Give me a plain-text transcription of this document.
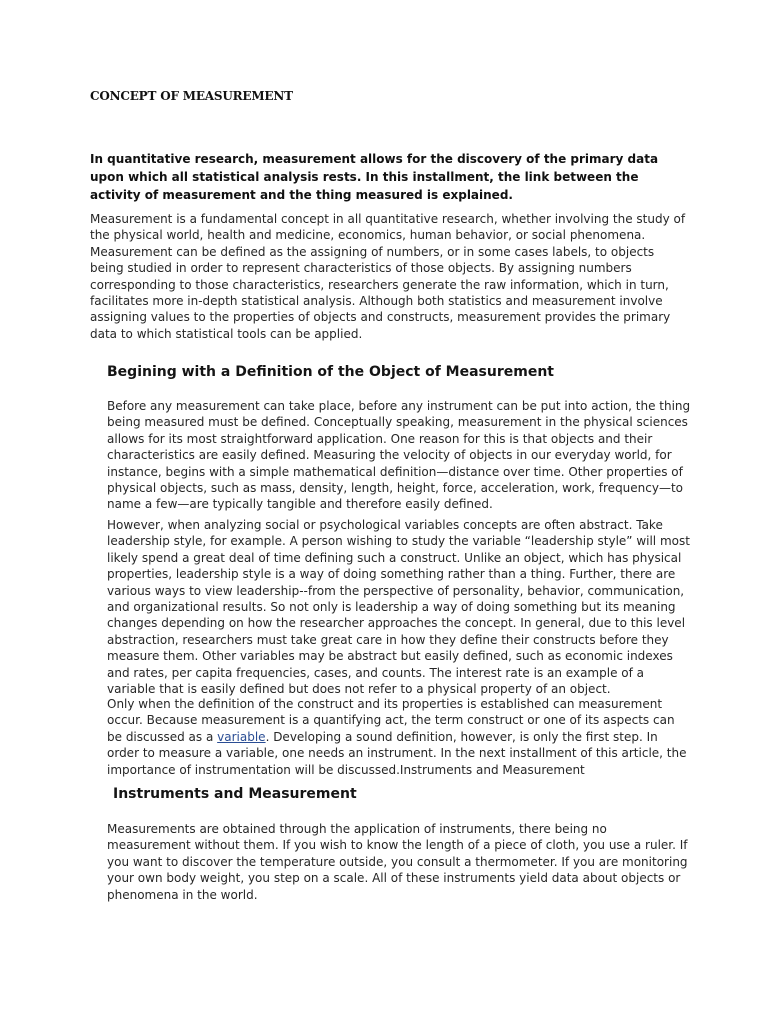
CONCEPT OF MEASUREMENT

In quantitative research, measurement allows for the discovery of the primary data upon which all statistical analysis rests. In this installment, the link between the activity of measurement and the thing measured is explained.

Measurement is a fundamental concept in all quantitative research, whether involving the study of the physical world, health and medicine, economics, human behavior, or social phenomena. Measurement can be defined as the assigning of numbers, or in some cases labels, to objects being studied in order to represent characteristics of those objects. By assigning numbers corresponding to those characteristics, researchers generate the raw information, which in turn, facilitates more in-depth statistical analysis. Although both statistics and measurement involve assigning values to the properties of objects and constructs, measurement provides the primary data to which statistical tools can be applied.

Begining with a Definition of the Object of Measurement

Before any measurement can take place, before any instrument can be put into action, the thing being measured must be defined. Conceptually speaking, measurement in the physical sciences allows for its most straightforward application. One reason for this is that objects and their characteristics are easily defined. Measuring the velocity of objects in our everyday world, for instance, begins with a simple mathematical definition—distance over time. Other properties of physical objects, such as mass, density, length, height, force, acceleration, work, frequency—to name a few—are typically tangible and therefore easily defined.

However, when analyzing social or psychological variables concepts are often abstract. Take leadership style, for example. A person wishing to study the variable “leadership style” will most likely spend a great deal of time defining such a construct. Unlike an object, which has physical properties, leadership style is a way of doing something rather than a thing. Further, there are various ways to view leadership--from the perspective of personality, behavior, communication, and organizational results. So not only is leadership a way of doing something but its meaning changes depending on how the researcher approaches the concept. In general, due to this level abstraction, researchers must take great care in how they define their constructs before they measure them. Other variables may be abstract but easily defined, such as economic indexes and rates, per capita frequencies, cases, and counts. The interest rate is an example of a variable that is easily defined but does not refer to a physical property of an object.

Only when the definition of the construct and its properties is established can measurement occur. Because measurement is a quantifying act, the term construct or one of its aspects can be discussed as a variable. Developing a sound definition, however, is only the first step. In order to measure a variable, one needs an instrument. In the next installment of this article, the importance of instrumentation will be discussed.Instruments and Measurement

Instruments and Measurement

Measurements are obtained through the application of instruments, there being no measurement without them. If you wish to know the length of a piece of cloth, you use a ruler. If you want to discover the temperature outside, you consult a thermometer. If you are monitoring your own body weight, you step on a scale. All of these instruments yield data about objects or phenomena in the world.
